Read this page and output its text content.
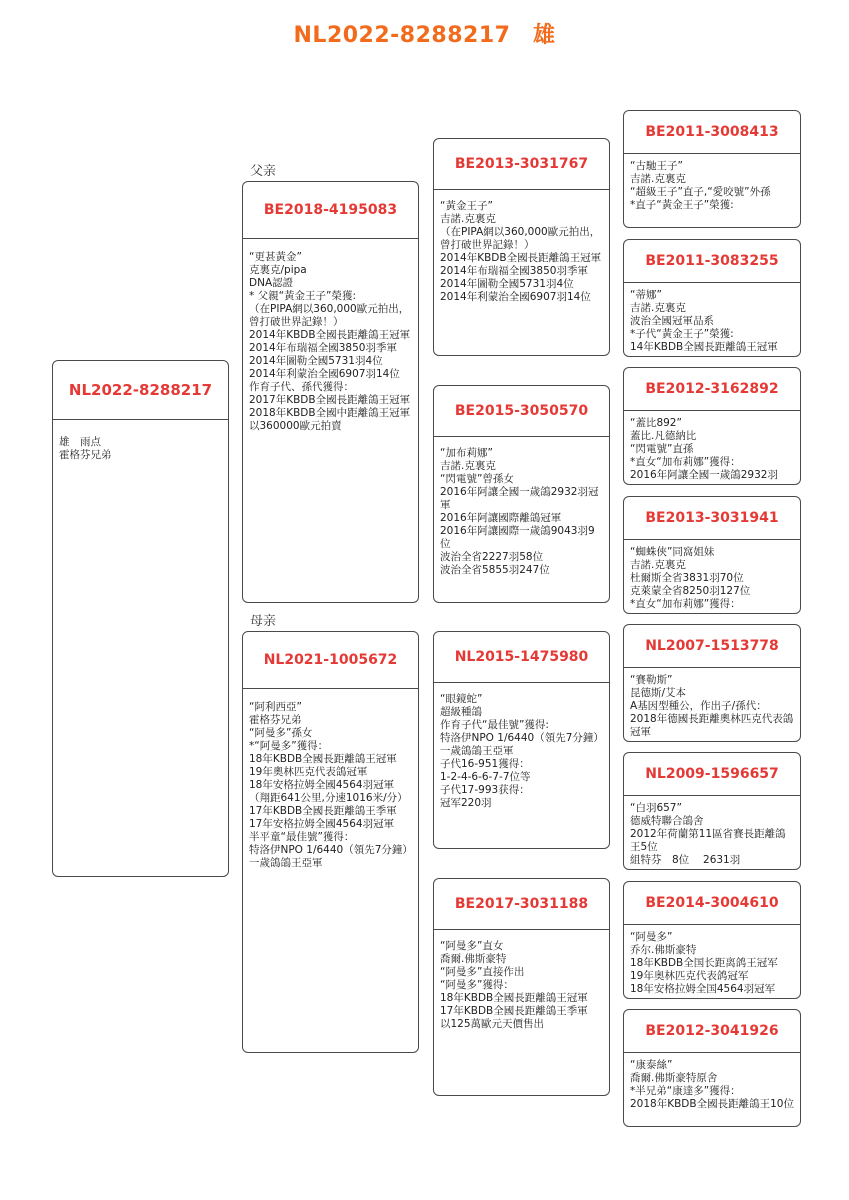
NL2022-8288217　雄
父亲
母亲
NL2022-8288217
雄　雨点
霍格芬兄弟
BE2018-4195083
“更甚黃金”
克裏克/pipa
DNA認證
* 父親“黃金王子”榮獲:
（在PIPA網以360,000歐元拍出，曾打破世界記錄！）
2014年KBDB全國長距離鴿王冠軍
2014年布瑞福全國3850羽季軍
2014年圖勒全國5731羽4位
2014年利蒙治全國6907羽14位
作育子代、孫代獲得：
2017年KBDB全國長距離鴿王冠軍
2018年KBDB全國中距離鴿王冠軍
以360000歐元拍賣
NL2021-1005672
“阿利西亞”
霍格芬兄弟
“阿曼多”孫女
*“阿曼多”獲得：
18年KBDB全國長距離鴿王冠軍
19年奧林匹克代表鴿冠軍
18年安格拉姆全國4564羽冠軍（翔距641公里,分速1016米/分）
17年KBDB全國長距離鴿王季軍
17年安格拉姆全國4564羽冠軍
半平童“最佳號”獲得：
特洛伊NPO 1/6440（領先7分鐘）
一歲鴿鴿王亞軍
BE2013-3031767
“黃金王子”
吉諾.克裏克
（在PIPA網以360,000歐元拍出，曾打破世界記錄！）
2014年KBDB全國長距離鴿王冠軍
2014年布瑞福全國3850羽季軍
2014年圖勒全國5731羽4位
2014年利蒙治全國6907羽14位
BE2015-3050570
“加布莉娜”
吉諾.克裏克
“閃電號”曾孫女
2016年阿讓全國一歲鴿2932羽冠軍
2016年阿讓國際離鴿冠軍
2016年阿讓國際一歲鴿9043羽9位
波治全省2227羽58位
波治全省5855羽247位
NL2015-1475980
“眼鏡蛇”
超級種鴿
作育子代“最佳號”獲得:
特洛伊NPO 1/6440（領先7分鐘）
一歲鴿鴿王亞軍
子代16-951獲得：
1-2-4-6-6-7-7位等
子代17-993获得：
冠军220羽
BE2017-3031188
“阿曼多”直女
喬爾.佛斯豪特
“阿曼多”直接作出
“阿曼多”獲得：
18年KBDB全國長距離鴿王冠軍
17年KBDB全國長距離鴿王季軍
以125萬歐元天價售出
BE2011-3008413
“古馳王子”
吉諾.克裏克
“超級王子”直子,“愛咬號”外孫
*直子“黃金王子”榮獲:
BE2011-3083255
“蒂娜”
吉諾.克裏克
波治全國冠軍品系
*子代“黃金王子”榮獲:
14年KBDB全國長距離鴿王冠軍
BE2012-3162892
“蓋比892”
蓋比.凡德納比
“閃電號”直孫
*直女“加布莉娜”獲得：
2016年阿讓全國一歲鴿2932羽
BE2013-3031941
“蜘蛛俠”同窩姐妹
吉諾.克裏克
杜爾斯全省3831羽70位
克萊蒙全省8250羽127位
*直女“加布莉娜”獲得：
NL2007-1513778
“賽勒斯”
昆德斯/艾本
A基因型種公，作出子/孫代：
2018年德國長距離奧林匹克代表鴿冠軍
NL2009-1596657
“白羽657”
德威特聯合鴿舍
2012年荷蘭第11區省賽長距離鴿王5位
組特芬　8位　 2631羽
BE2014-3004610
“阿曼多”
乔尔.佛斯豪特
18年KBDB全国长距离鸽王冠军
19年奥林匹克代表鸽冠军
18年安格拉姆全国4564羽冠军
BE2012-3041926
“康泰絲”
喬爾.佛斯豪特原舍
*半兄弟“康達多”獲得：
2018年KBDB全國長距離鴿王10位
